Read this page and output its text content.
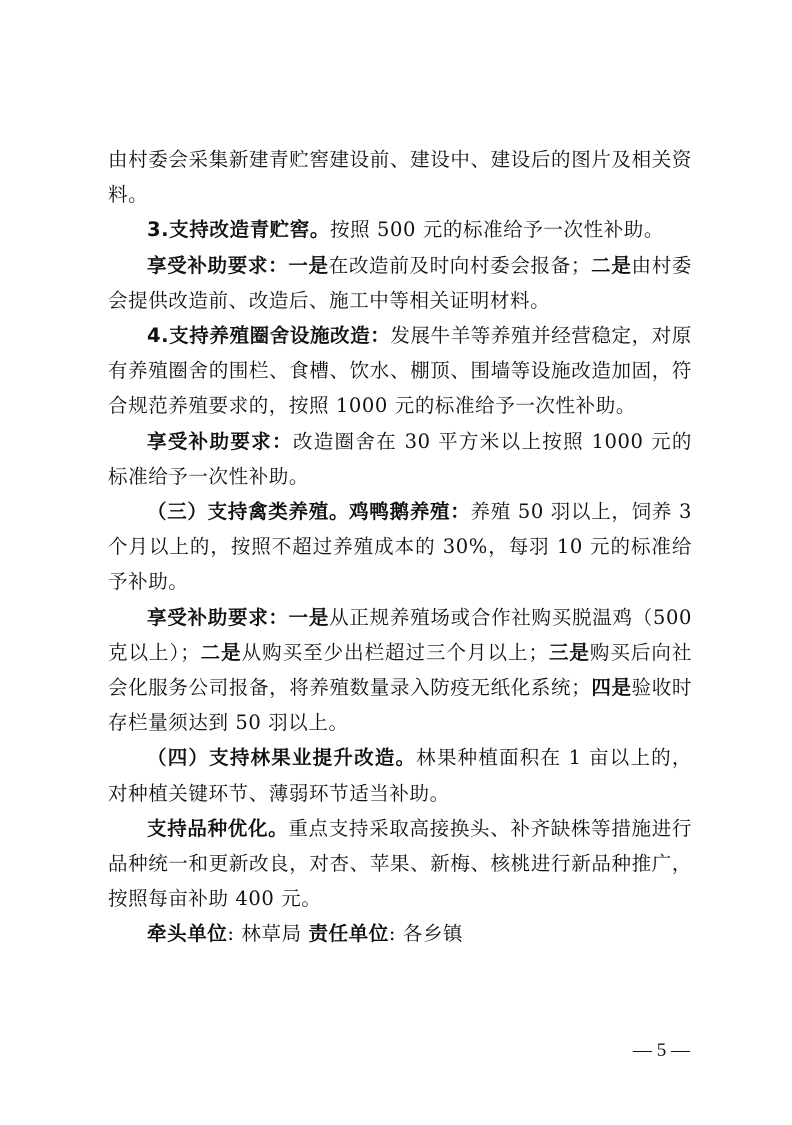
由村委会采集新建青贮窖建设前、建设中、建设后的图片及相关资料。

3.支持改造青贮窖。按照 500 元的标准给予一次性补助。

享受补助要求：一是在改造前及时向村委会报备；二是由村委会提供改造前、改造后、施工中等相关证明材料。

4.支持养殖圈舍设施改造：发展牛羊等养殖并经营稳定，对原有养殖圈舍的围栏、食槽、饮水、棚顶、围墙等设施改造加固，符合规范养殖要求的，按照 1000 元的标准给予一次性补助。

享受补助要求：改造圈舍在 30 平方米以上按照 1000 元的标准给予一次性补助。

（三）支持禽类养殖。鸡鸭鹅养殖：养殖 50 羽以上，饲养 3 个月以上的，按照不超过养殖成本的 30%，每羽 10 元的标准给予补助。

享受补助要求：一是从正规养殖场或合作社购买脱温鸡（500 克以上）；二是从购买至少出栏超过三个月以上；三是购买后向社会化服务公司报备，将养殖数量录入防疫无纸化系统；四是验收时存栏量须达到 50 羽以上。

（四）支持林果业提升改造。林果种植面积在 1 亩以上的，对种植关键环节、薄弱环节适当补助。

支持品种优化。重点支持采取高接换头、补齐缺株等措施进行品种统一和更新改良，对杏、苹果、新梅、核桃进行新品种推广，按照每亩补助 400 元。

牵头单位: 林草局 责任单位: 各乡镇

— 5 —
